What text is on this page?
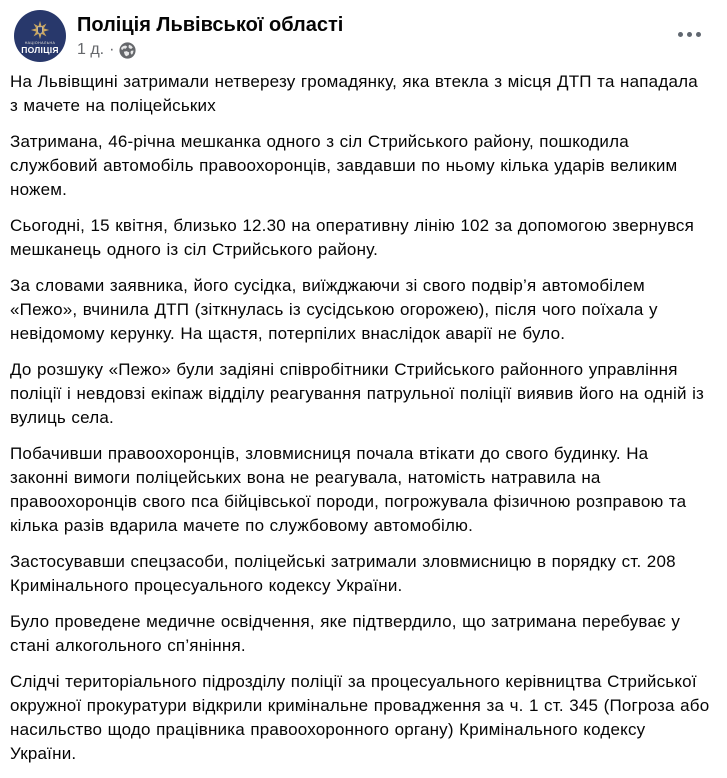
НАЦІОНАЛЬНА
ПОЛІЦІЯ
Поліція Львівської області
1 д. ·

На Львівщині затримали нетверезу громадянку, яка втекла з місця ДТП та нападала з мачете на поліцейських

Затримана, 46-річна мешканка одного з сіл Стрийського району, пошкодила службовий автомобіль правоохоронців, завдавши по ньому кілька ударів великим ножем.

Сьогодні, 15 квітня, близько 12.30 на оперативну лінію 102 за допомогою звернувся мешканець одного із сіл Стрийського району.

За словами заявника, його сусідка, виїжджаючи зі свого подвір’я автомобілем «Пежо», вчинила ДТП (зіткнулась із сусідською огорожею), після чого поїхала у невідомому керунку. На щастя, потерпілих внаслідок аварії не було.

До розшуку «Пежо» були задіяні співробітники Стрийського районного управління поліції і невдовзі екіпаж відділу реагування патрульної поліції виявив його на одній із вулиць села.

Побачивши правоохоронців, зловмисниця почала втікати до свого будинку. На законні вимоги поліцейських вона не реагувала, натомість натравила на правоохоронців свого пса бійцівської породи, погрожувала фізичною розправою та кілька разів вдарила мачете по службовому автомобілю.

Застосувавши спецзасоби, поліцейські затримали зловмисницю в порядку ст. 208 Кримінального процесуального кодексу України.

Було проведене медичне освідчення, яке підтвердило, що затримана перебуває у стані алкогольного сп’яніння.

Слідчі територіального підрозділу поліції за процесуального керівництва Стрийської окружної прокуратури відкрили кримінальне провадження за ч. 1 ст. 345 (Погроза або насильство щодо працівника правоохоронного органу) Кримінального кодексу України.
